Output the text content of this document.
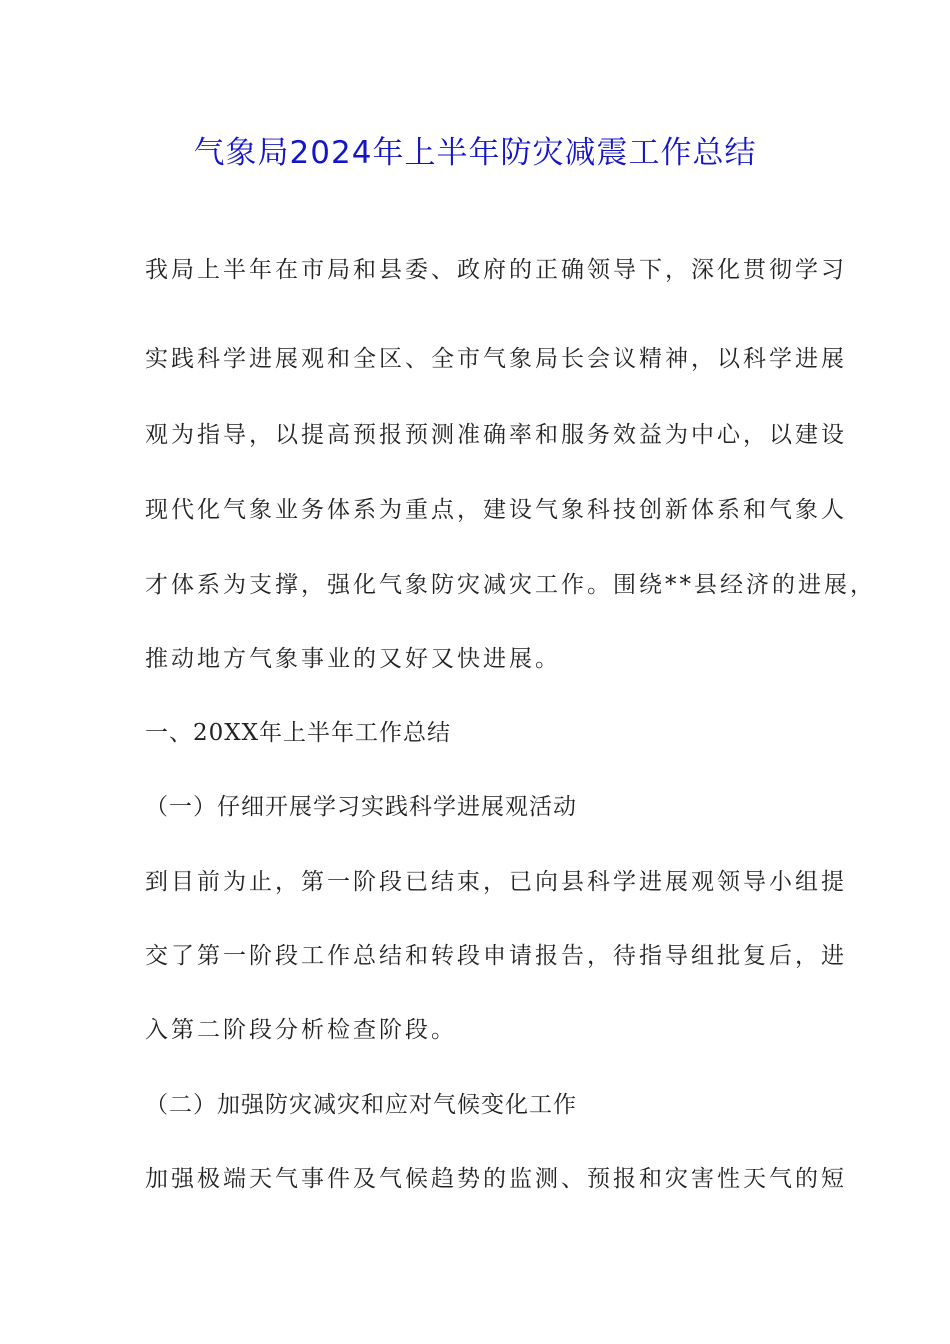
气象局2024年上半年防灾减震工作总结
我局上半年在市局和县委、政府的正确领导下，深化贯彻学习
实践科学进展观和全区、全市气象局长会议精神，以科学进展
观为指导，以提高预报预测准确率和服务效益为中心，以建设
现代化气象业务体系为重点，建设气象科技创新体系和气象人
才体系为支撑，强化气象防灾减灾工作。围绕**县经济的进展，
推动地方气象事业的又好又快进展。
一、20XX年上半年工作总结
（一）仔细开展学习实践科学进展观活动
到目前为止，第一阶段已结束，已向县科学进展观领导小组提
交了第一阶段工作总结和转段申请报告，待指导组批复后，进
入第二阶段分析检查阶段。
（二）加强防灾减灾和应对气候变化工作
加强极端天气事件及气候趋势的监测、预报和灾害性天气的短
